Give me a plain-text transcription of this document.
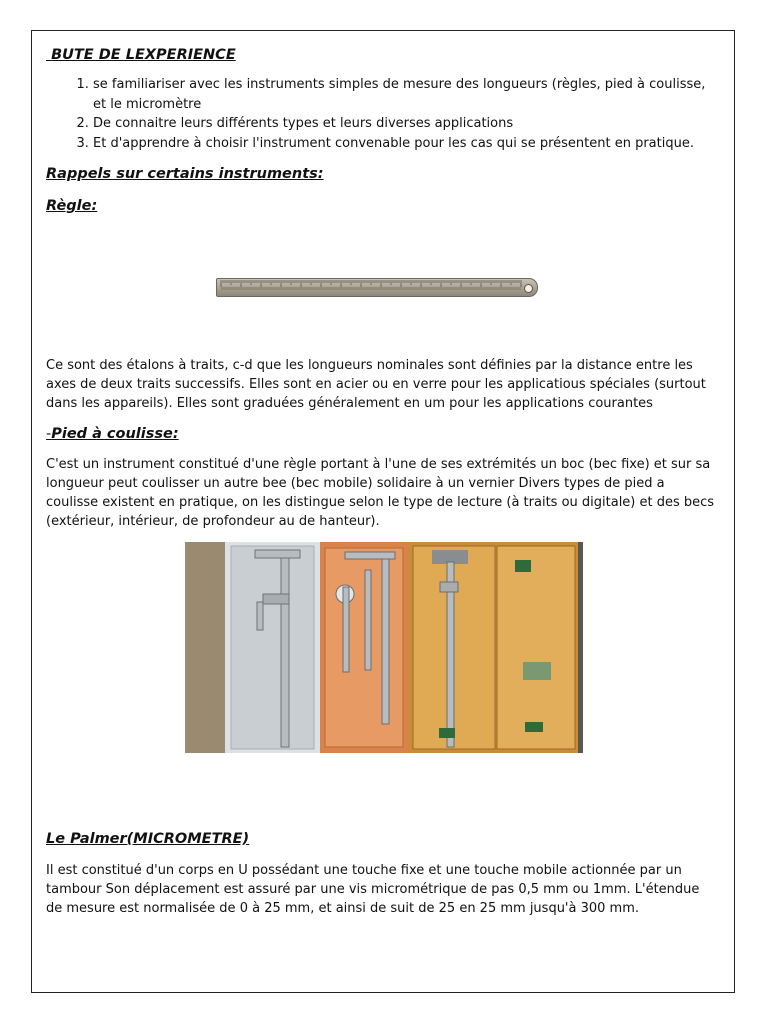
BUTE DE LEXPERIENCE
1. se familiariser avec les instruments simples de mesure des longueurs (règles, pied à coulisse, et le micromètre
2. De connaitre leurs différents types et leurs diverses applications
3. Et d'apprendre à choisir l'instrument convenable pour les cas qui se présentent en pratique.
Rappels sur certains instruments:
Règle:
Ce sont des étalons à traits, c-d que les longueurs nominales sont définies par la distance entre les axes de deux traits successifs. Elles sont en acier ou en verre pour les applicatious spéciales (surtout dans les appareils). Elles sont graduées généralement en um pour les applications courantes
-Pied à coulisse:
C'est un instrument constitué d'une règle portant à l'une de ses extrémités un boc (bec fixe) et sur sa longueur peut coulisser un autre bee (bec mobile) solidaire à un vernier Divers types de pied a coulisse existent en pratique, on les distingue selon le type de lecture (à traits ou digitale) et des becs (extérieur, intérieur, de profondeur au de hanteur).
Le Palmer(MICROMETRE)
Il est constitué d'un corps en U possédant une touche fixe et une touche mobile actionnée par un tambour Son déplacement est assuré par une vis micrométrique de pas 0,5 mm ou 1mm. L'étendue de mesure est normalisée de 0 à 25 mm, et ainsi de suit de 25 en 25 mm jusqu'à 300 mm.
